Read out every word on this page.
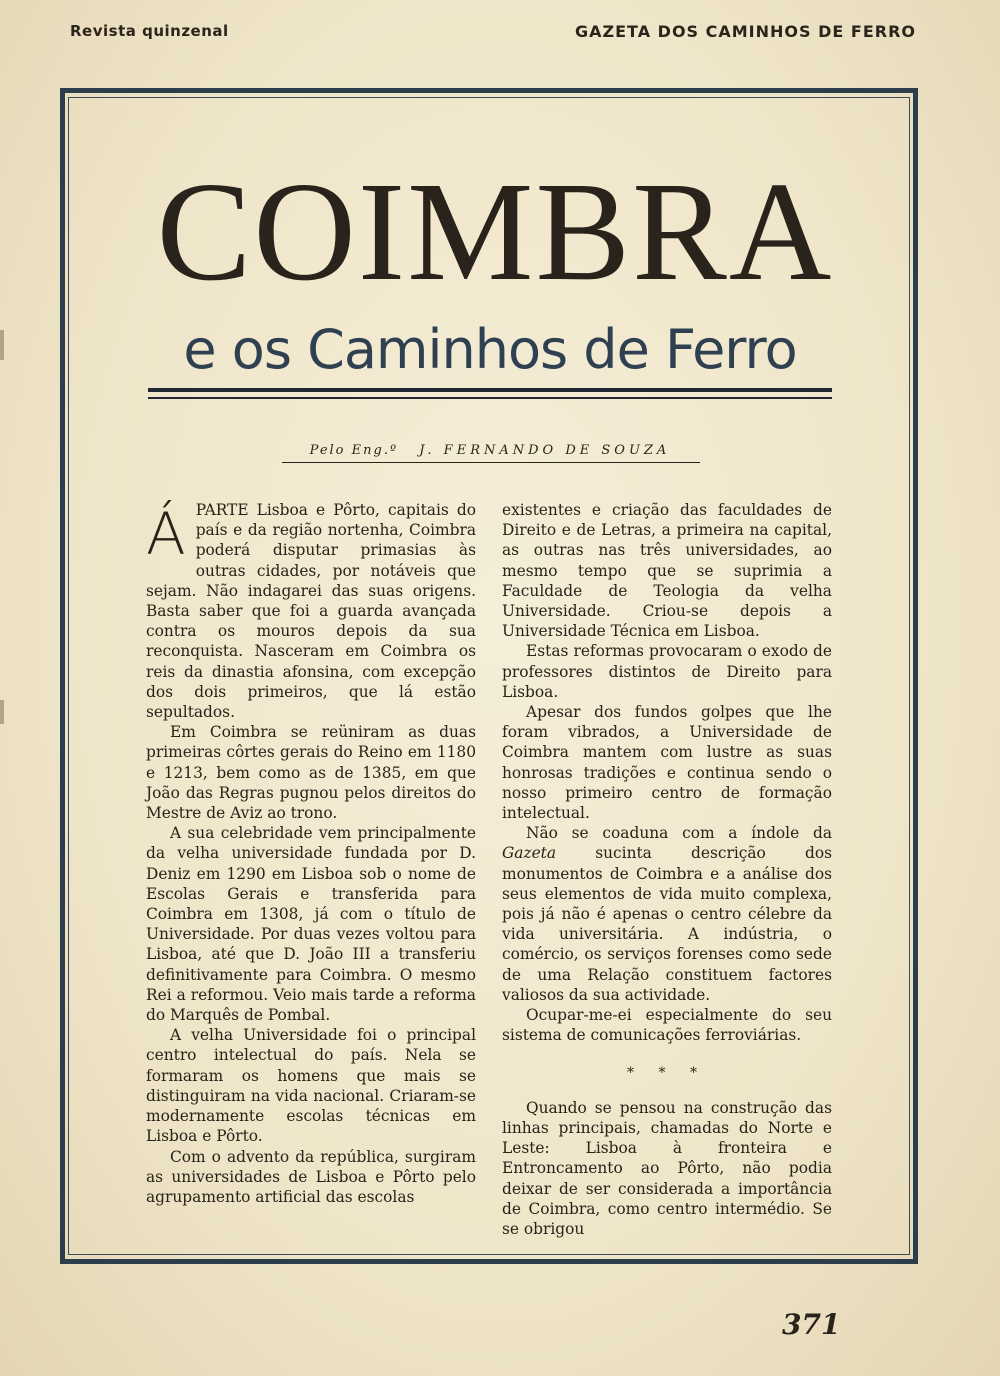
Revista quinzenal	GAZETA DOS CAMINHOS DE FERRO
COIMBRA
e os Caminhos de Ferro
Pelo Eng.º J. FERNANDO DE SOUZA

ÁPARTE Lisboa e Pôrto, capitais do país e da região nortenha, Coimbra poderá disputar primasias às outras cidades, por notáveis que sejam. Não indagarei das suas origens. Basta saber que foi a guarda avançada contra os mouros depois da sua reconquista. Nasceram em Coimbra os reis da dinastia afonsina, com excepção dos dois primeiros, que lá estão sepultados.

Em Coimbra se reüniram as duas primeiras côrtes gerais do Reino em 1180 e 1213, bem como as de 1385, em que João das Regras pugnou pelos direitos do Mestre de Aviz ao trono.

A sua celebridade vem principalmente da velha universidade fundada por D. Deniz em 1290 em Lisboa sob o nome de Escolas Gerais e transferida para Coimbra em 1308, já com o título de Universidade. Por duas vezes voltou para Lisboa, até que D. João III a transferiu definitivamente para Coimbra. O mesmo Rei a reformou. Veio mais tarde a reforma do Marquês de Pombal.

A velha Universidade foi o principal centro intelectual do país. Nela se formaram os homens que mais se distinguiram na vida nacional. Criaram-se modernamente escolas técnicas em Lisboa e Pôrto.

Com o advento da república, surgiram as universidades de Lisboa e Pôrto pelo agrupamento artificial das escolas

existentes e criação das faculdades de Direito e de Letras, a primeira na capital, as outras nas três universidades, ao mesmo tempo que se suprimia a Faculdade de Teologia da velha Universidade. Criou-se depois a Universidade Técnica em Lisboa.

Estas reformas provocaram o exodo de professores distintos de Direito para Lisboa.

Apesar dos fundos golpes que lhe foram vibrados, a Universidade de Coimbra mantem com lustre as suas honrosas tradições e continua sendo o nosso primeiro centro de formação intelectual.

Não se coaduna com a índole da Gazeta sucinta descrição dos monumentos de Coimbra e a análise dos seus elementos de vida muito complexa, pois já não é apenas o centro célebre da vida universitária. A indústria, o comércio, os serviços forenses como sede de uma Relação constituem factores valiosos da sua actividade.

Ocupar-me-ei especialmente do seu sistema de comunicações ferroviárias.

* * *

Quando se pensou na construção das linhas principais, chamadas do Norte e Leste: Lisboa à fronteira e Entroncamento ao Pôrto, não podia deixar de ser considerada a importância de Coimbra, como centro intermédio. Se se obrigou

371
